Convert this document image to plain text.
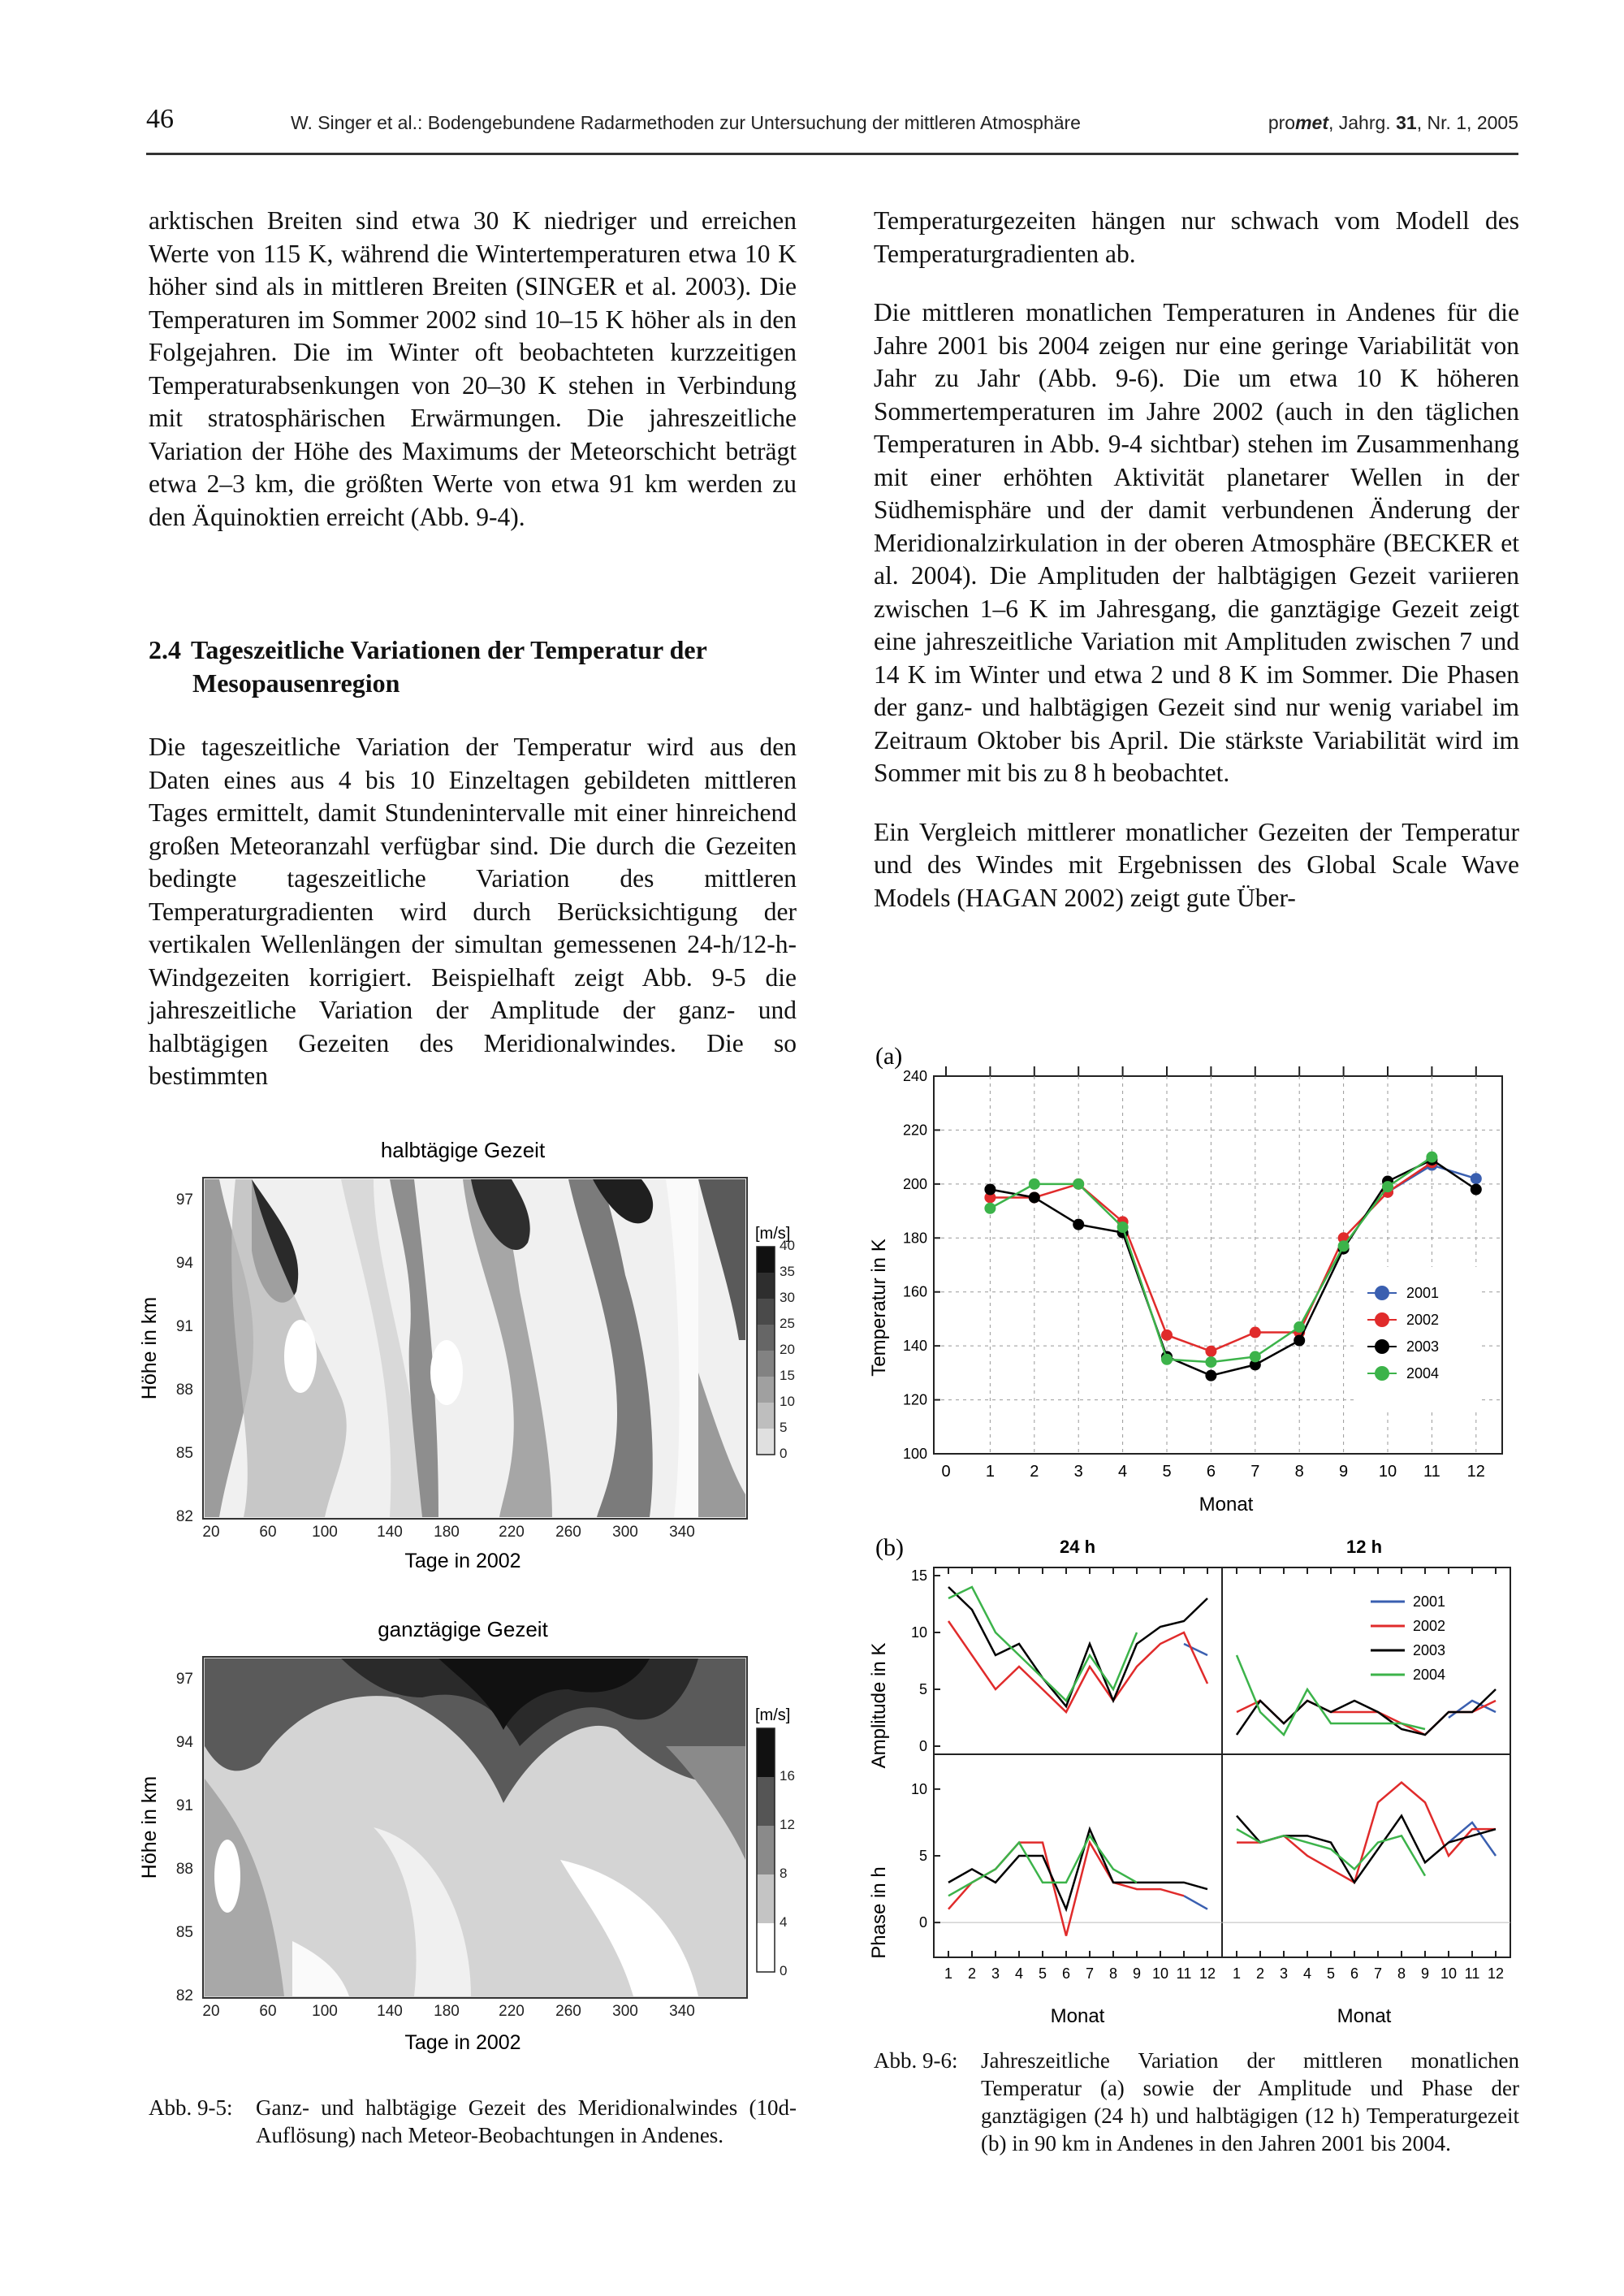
46	W. Singer et al.: Bodengebundene Radarmethoden zur Untersuchung der mittleren Atmosphäre	promet, Jahrg. 31, Nr. 1, 2005

arktischen Breiten sind etwa 30 K niedriger und erreichen Werte von 115 K, während die Wintertemperaturen etwa 10 K höher sind als in mittleren Breiten (SINGER et al. 2003). Die Temperaturen im Sommer 2002 sind 10–15 K höher als in den Folgejahren. Die im Winter oft beobachteten kurzzeitigen Temperaturabsenkungen von 20–30 K stehen in Verbindung mit stratosphärischen Erwärmungen. Die jahreszeitliche Variation der Höhe des Maximums der Meteorschicht beträgt etwa 2–3 km, die größten Werte von etwa 91 km werden zu den Äquinoktien erreicht (Abb. 9-4).

2.4 Tageszeitliche Variationen der Temperatur der
Mesopausenregion
Die tageszeitliche Variation der Temperatur wird aus den Daten eines aus 4 bis 10 Einzeltagen gebildeten mittleren Tages ermittelt, damit Stundenintervalle mit einer hinreichend großen Meteoranzahl verfügbar sind. Die durch die Gezeiten bedingte tageszeitliche Variation des mittleren Temperaturgradienten wird durch Berücksichtigung der vertikalen Wellenlängen der simultan gemessenen 24-h/12-h-Windgezeiten korrigiert. Beispielhaft zeigt Abb. 9-5 die jahreszeitliche Variation der Amplitude der ganz- und halbtägigen Gezeiten des Meridionalwindes. Die so bestimmten

Temperaturgezeiten hängen nur schwach vom Modell des Temperaturgradienten ab.

Die mittleren monatlichen Temperaturen in Andenes für die Jahre 2001 bis 2004 zeigen nur eine geringe Variabilität von Jahr zu Jahr (Abb. 9-6). Die um etwa 10 K höheren Sommertemperaturen im Jahre 2002 (auch in den täglichen Temperaturen in Abb. 9-4 sichtbar) stehen im Zusammenhang mit einer erhöhten Aktivität planetarer Wellen in der Südhemisphäre und der damit verbundenen Änderung der Meridionalzirkulation in der oberen Atmosphäre (BECKER et al. 2004). Die Amplituden der halbtägigen Gezeit variieren zwischen 1–6 K im Jahresgang, die ganztägige Gezeit zeigt eine jahreszeitliche Variation mit Amplituden zwischen 7 und 14 K im Winter und etwa 2 und 8 K im Sommer. Die Phasen der ganz- und halbtägigen Gezeit sind nur wenig variabel im Zeitraum Oktober bis April. Die stärkste Variabilität wird im Sommer mit bis zu 8 h beobachtet.

Ein Vergleich mittlerer monatlicher Gezeiten der Temperatur und des Windes mit Ergebnissen des Global Scale Wave Models (HAGAN 2002) zeigt gute Über-

halbtägige Gezeit
82
85
88
91
94
97
20	60 100	140 180	220 260 300 340
Tage in 2002
Höhe in km
[m/s]
0
5
10
15
20
25
30
35
40
ganztägige Gezeit
82
85
88
91
94
97
20	60 100	140 180	220 260 300 340
Tage in 2002
Höhe in km
[m/s]
0
4
8
12
16
Abb. 9-5: Ganz- und halbtägige Gezeit des Meridionalwindes (10d-Auflösung) nach Meteor-Beobachtungen in Andenes.
(a)
(b)
100
120
140
160
180
200
220
240
0 1 2 3 4 5 6 7 8 9 10 11 12
Monat
Temperatur in K	2001
2002
2003
2004
0
5
10
15
0
5
10
1 2 3 4 5 6 7 8 9 10 11 12 1 2 3 4 5 6 7 8 9 10 11 12
24 h	12 h
Amplitude in K
Phase in h
Monat	Monat
2001
2002
2003
2004
Abb. 9-6: Jahreszeitliche Variation der mittleren monatlichen Temperatur (a) sowie der Amplitude und Phase der ganztägigen (24 h) und halbtägigen (12 h) Temperaturgezeit (b) in 90 km in Andenes in den Jahren 2001 bis 2004.
